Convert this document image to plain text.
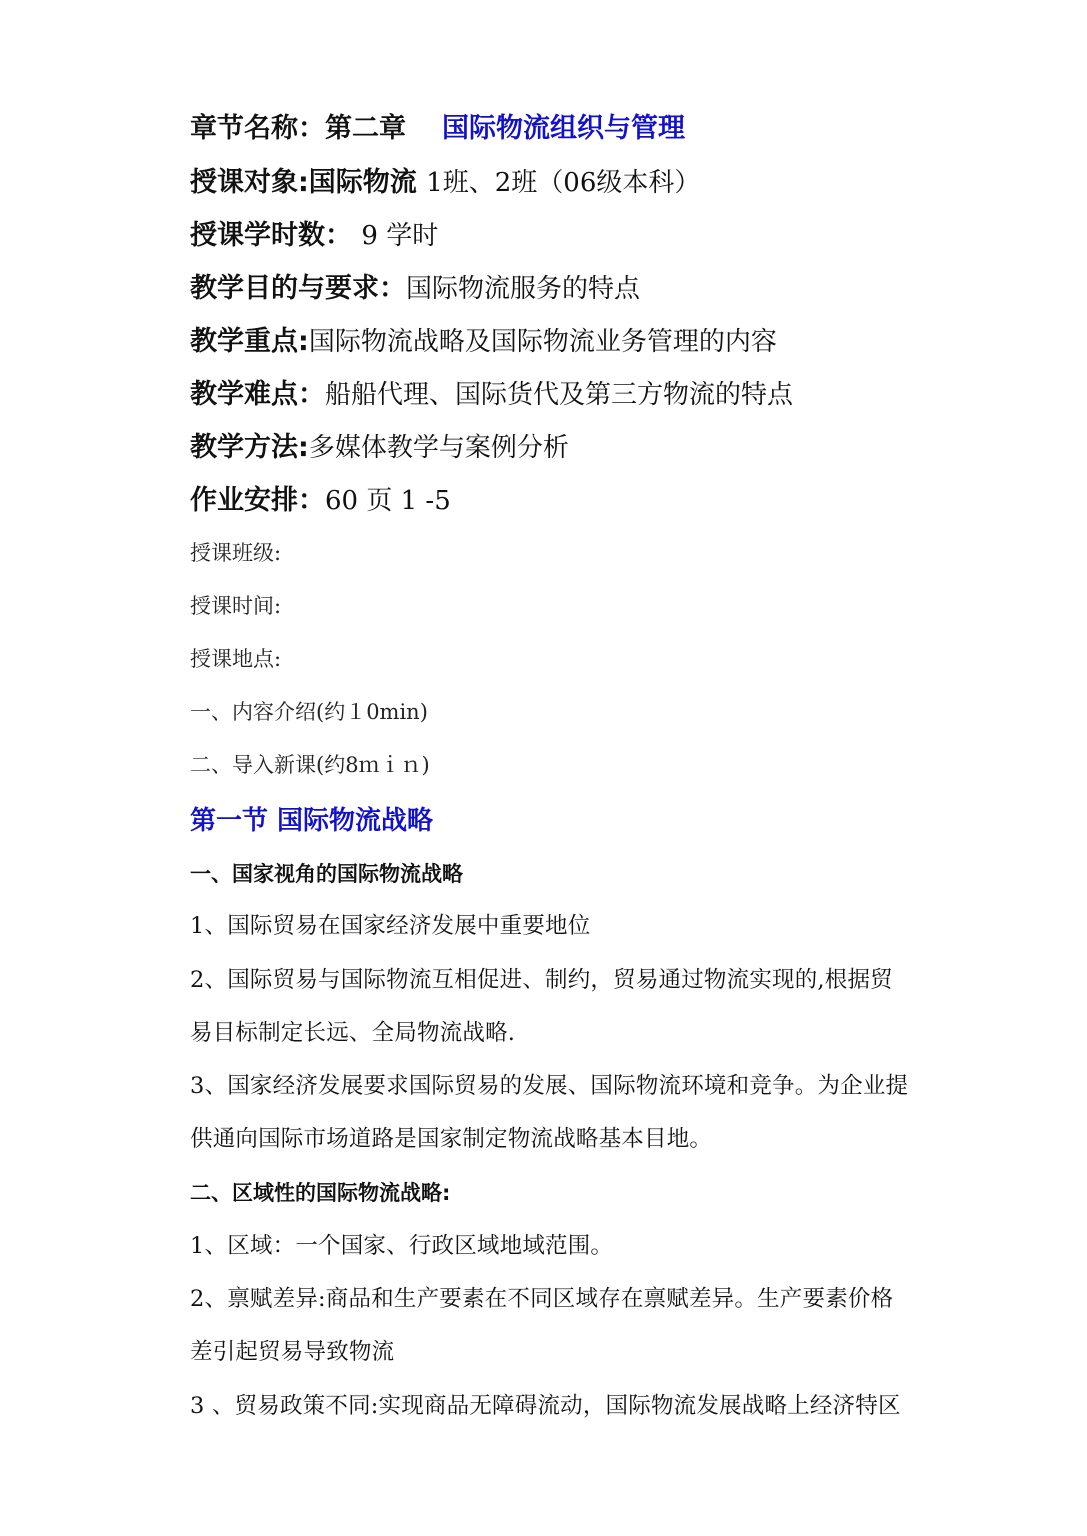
章节名称：第二章 国际物流组织与管理
授课对象:国际物流 1班、2班（06级本科）
授课学时数： 9 学时
教学目的与要求：国际物流服务的特点
教学重点:国际物流战略及国际物流业务管理的内容
教学难点：船船代理、国际货代及第三方物流的特点
教学方法:多媒体教学与案例分析
作业安排：60 页 1 -5
授课班级:
授课时间:
授课地点:
一、内容介绍(约１0min)
二、导入新课(约8ｍｉｎ)
第一节 国际物流战略
一、国家视角的国际物流战略
1、国际贸易在国家经济发展中重要地位
2、国际贸易与国际物流互相促进、制约，贸易通过物流实现的,根据贸
易目标制定长远、全局物流战略.
3、国家经济发展要求国际贸易的发展、国际物流环境和竞争。为企业提
供通向国际市场道路是国家制定物流战略基本目地。
二、区域性的国际物流战略:
1、区域：一个国家、行政区域地域范围。
2、禀赋差异:商品和生产要素在不同区域存在禀赋差异。生产要素价格
差引起贸易导致物流
3 、贸易政策不同:实现商品无障碍流动，国际物流发展战略上经济特区
